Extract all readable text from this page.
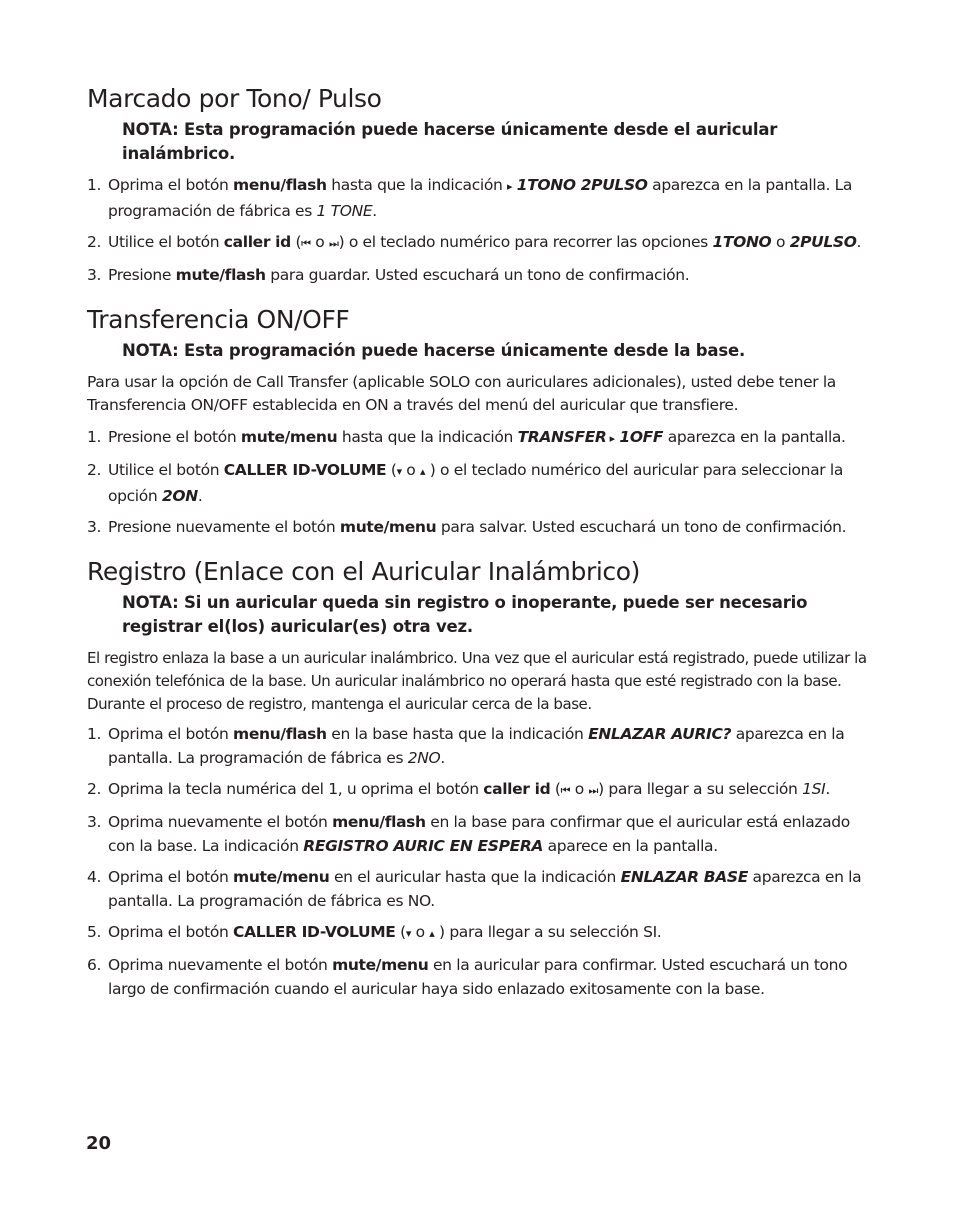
Marcado por Tono/ Pulso

NOTA: Esta programación puede hacerse únicamente desde el auricular inalámbrico.

1. Oprima el botón menu/flash hasta que la indicación ▸ 1TONO 2PULSO aparezca en la pantalla. La programación de fábrica es 1 TONE.
2. Utilice el botón caller id (⏮ o ⏭) o el teclado numérico para recorrer las opciones 1TONO o 2PULSO.
3. Presione mute/flash para guardar. Usted escuchará un tono de confirmación.
Transferencia ON/OFF

NOTA: Esta programación puede hacerse únicamente desde la base.

Para usar la opción de Call Transfer (aplicable SOLO con auriculares adicionales), usted debe tener la Transferencia ON/OFF establecida en ON a través del menú del auricular que transfiere.

1. Presione el botón mute/menu hasta que la indicación TRANSFER ▸ 1OFF aparezca en la pantalla.
2. Utilice el botón CALLER ID-VOLUME (▾ o ▴ ) o el teclado numérico del auricular para seleccionar la opción 2ON.
3. Presione nuevamente el botón mute/menu para salvar. Usted escuchará un tono de confirmación.
Registro (Enlace con el Auricular Inalámbrico)

NOTA: Si un auricular queda sin registro o inoperante, puede ser necesario registrar el(los) auricular(es) otra vez.

El registro enlaza la base a un auricular inalámbrico. Una vez que el auricular está registrado, puede utilizar la conexión telefónica de la base. Un auricular inalámbrico no operará hasta que esté registrado con la base. Durante el proceso de registro, mantenga el auricular cerca de la base.

1. Oprima el botón menu/flash en la base hasta que la indicación ENLAZAR AURIC? aparezca en la pantalla. La programación de fábrica es 2NO.
2. Oprima la tecla numérica del 1, u oprima el botón caller id (⏮ o ⏭) para llegar a su selección 1SI.
3. Oprima nuevamente el botón menu/flash en la base para confirmar que el auricular está enlazado con la base. La indicación REGISTRO AURIC EN ESPERA aparece en la pantalla.
4. Oprima el botón mute/menu en el auricular hasta que la indicación ENLAZAR BASE aparezca en la pantalla. La programación de fábrica es NO.
5. Oprima el botón CALLER ID-VOLUME (▾ o ▴ ) para llegar a su selección SI.
6. Oprima nuevamente el botón mute/menu en la auricular para confirmar. Usted escuchará un tono largo de confirmación cuando el auricular haya sido enlazado exitosamente con la base.
20
